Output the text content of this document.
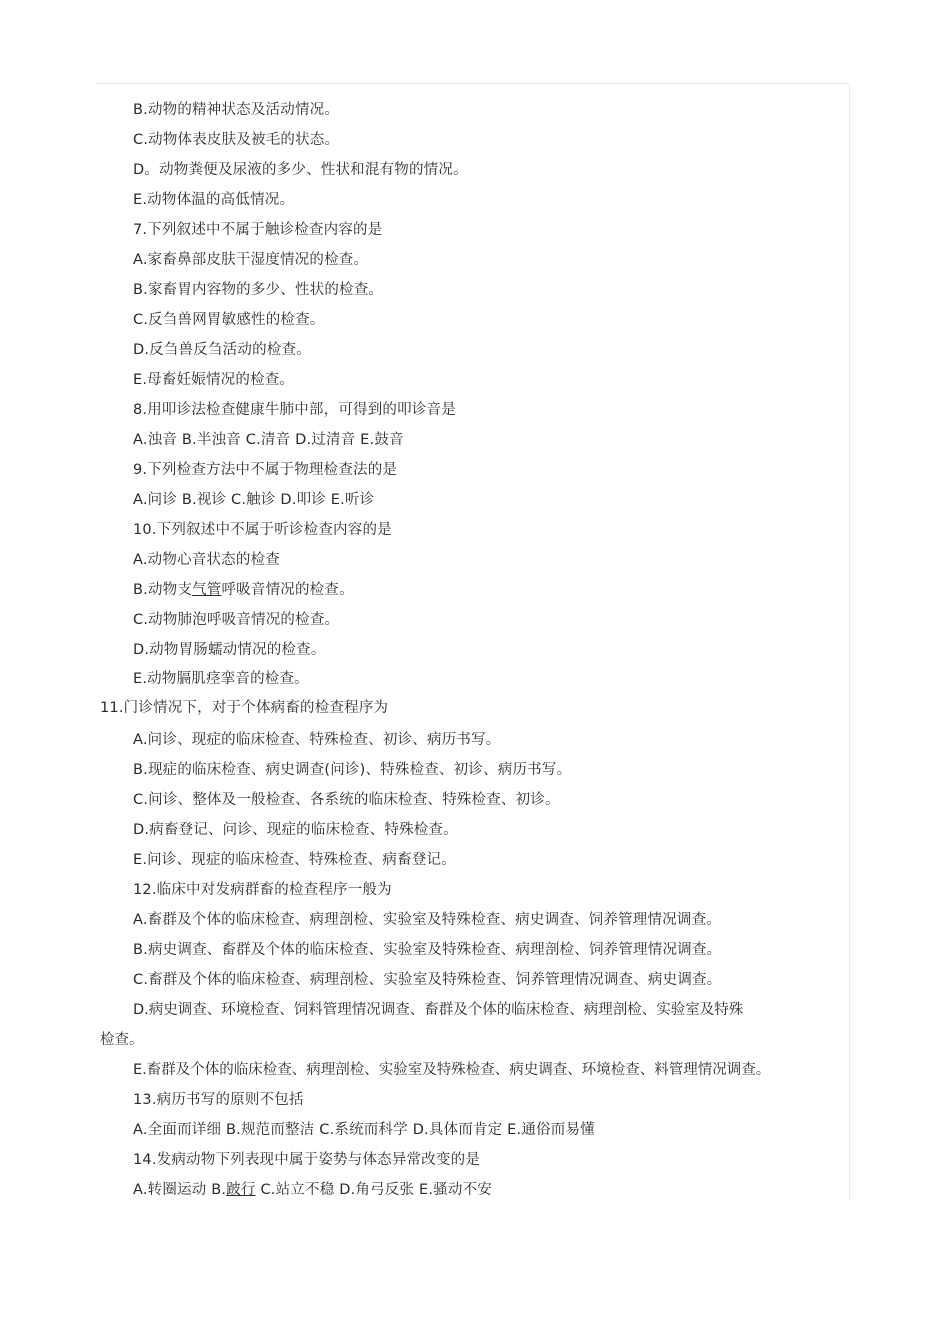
B.动物的精神状态及活动情况。
C.动物体表皮肤及被毛的状态。
D。动物粪便及尿液的多少、性状和混有物的情况。
E.动物体温的高低情况。
7.下列叙述中不属于触诊检查内容的是
A.家畜鼻部皮肤干湿度情况的检查。
B.家畜胃内容物的多少、性状的检查。
C.反刍兽网胃敏感性的检查。
D.反刍兽反刍活动的检查。
E.母畜妊娠情况的检查。
8.用叩诊法检查健康牛肺中部，可得到的叩诊音是
A.浊音 B.半浊音 C.清音 D.过清音 E.鼓音
9.下列检查方法中不属于物理检查法的是
A.问诊 B.视诊 C.触诊 D.叩诊 E.听诊
10.下列叙述中不属于听诊检查内容的是
A.动物心音状态的检查
B.动物支气管呼吸音情况的检查。
C.动物肺泡呼吸音情况的检查。
D.动物胃肠蠕动情况的检查。
E.动物膈肌痉挛音的检查。
11.门诊情况下，对于个体病畜的检查程序为
A.问诊、现症的临床检查、特殊检查、初诊、病历书写。
B.现症的临床检查、病史调查(问诊)、特殊检查、初诊、病历书写。
C.问诊、整体及一般检查、各系统的临床检查、特殊检查、初诊。
D.病畜登记、问诊、现症的临床检查、特殊检查。
E.问诊、现症的临床检查、特殊检查、病畜登记。
12.临床中对发病群畜的检查程序一般为
A.畜群及个体的临床检查、病理剖检、实验室及特殊检查、病史调查、饲养管理情况调查。
B.病史调查、畜群及个体的临床检查、实验室及特殊检查、病理剖检、饲养管理情况调查。
C.畜群及个体的临床检查、病理剖检、实验室及特殊检查、饲养管理情况调查、病史调查。
D.病史调查、环境检查、饲料管理情况调查、畜群及个体的临床检查、病理剖检、实验室及特殊
检查。
E.畜群及个体的临床检查、病理剖检、实验室及特殊检查、病史调查、环境检查、料管理情况调查。
13.病历书写的原则不包括
A.全面而详细 B.规范而整洁 C.系统而科学 D.具体而肯定 E.通俗而易懂
14.发病动物下列表现中属于姿势与体态异常改变的是
A.转圈运动 B.跛行 C.站立不稳 D.角弓反张 E.骚动不安
